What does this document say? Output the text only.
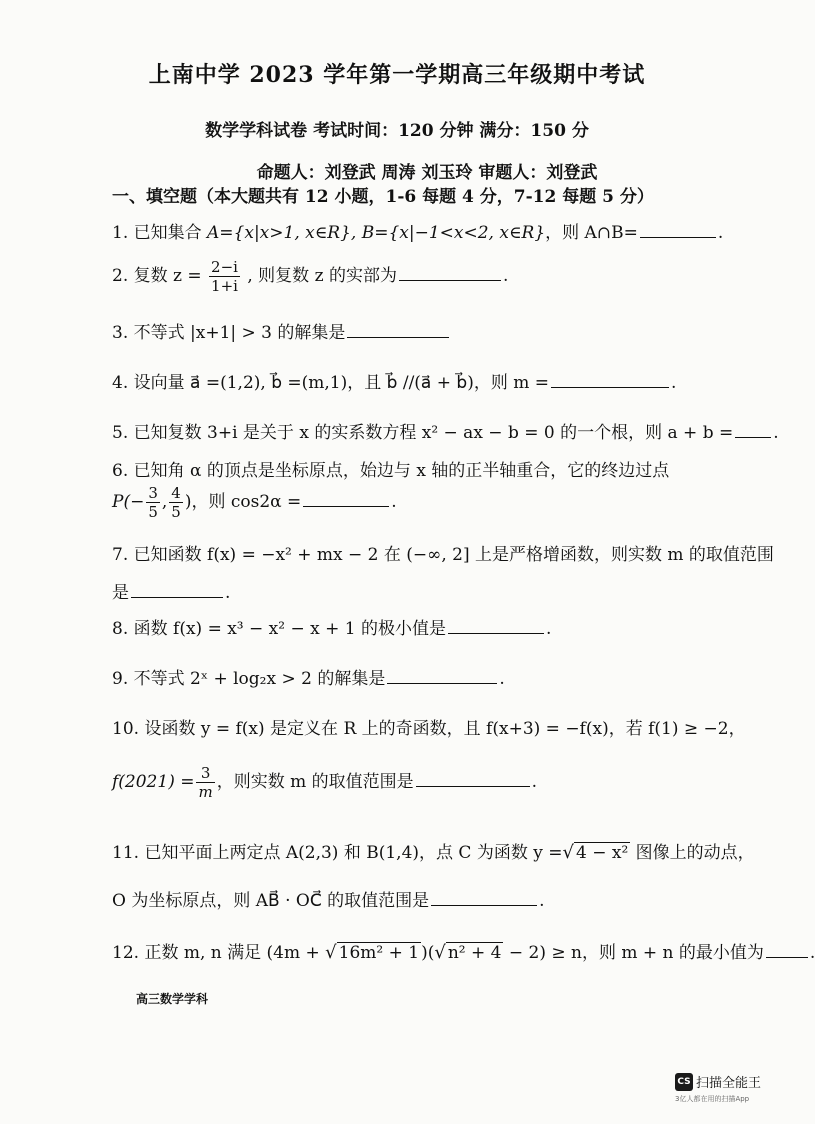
上南中学 2023 学年第一学期高三年级期中考试
数学学科试卷 考试时间：120 分钟 满分：150 分
命题人：刘登武 周涛 刘玉玲 审题人：刘登武
一、填空题（本大题共有 12 小题，1-6 每题 4 分，7-12 每题 5 分）
1. 已知集合 A={x|x>1, x∈R}, B={x|−1<x<2, x∈R}，则 A∩B=	.
2. 复数 $z = \frac{2-i}{1+i}$ , 则复数 z 的实部为	.
3. 不等式 |x+1| > 3 的解集是
4. 设向量 a⃗ =(1,2), b⃗ =(m,1)，且 b⃗ //(a⃗ + b⃗)，则 m =	.
5. 已知复数 3+i 是关于 x 的实系数方程 x² − ax − b = 0 的一个根，则 a + b = .
6. 已知角 α 的顶点是坐标原点，始边与 x 轴的正半轴重合，它的终边过点
$P(- \frac{3}{5}$ , $\frac{4}{5}$ )，则 cos2α =	.
7. 已知函数 f(x) = −x² + mx − 2 在 (−∞, 2] 上是严格增函数，则实数 m 的取值范围
是	.
8. 函数 f(x) = x³ − x² − x + 1 的极小值是	.
9. 不等式 2ˣ + log₂x > 2 的解集是	.
10. 设函数 y = f(x) 是定义在 R 上的奇函数，且 f(x+3) = −f(x)，若 f(1) ≥ −2，
$f(2021) = \frac{3}{m}$ ，则实数 m 的取值范围是	.
11. 已知平面上两定点 A(2,3) 和 B(1,4)，点 C 为函数 y =√ 4 − x² 图像上的动点，
O 为坐标原点，则 AB⃗ · OC⃗ 的取值范围是	.
12. 正数 m, n 满足 (4m + √ 16m² + 1 )(√ n² + 4 − 2) ≥ n，则 m + n 的最小值为	.
高三数学学科
CS 扫描全能王
3亿人都在用的扫描App
